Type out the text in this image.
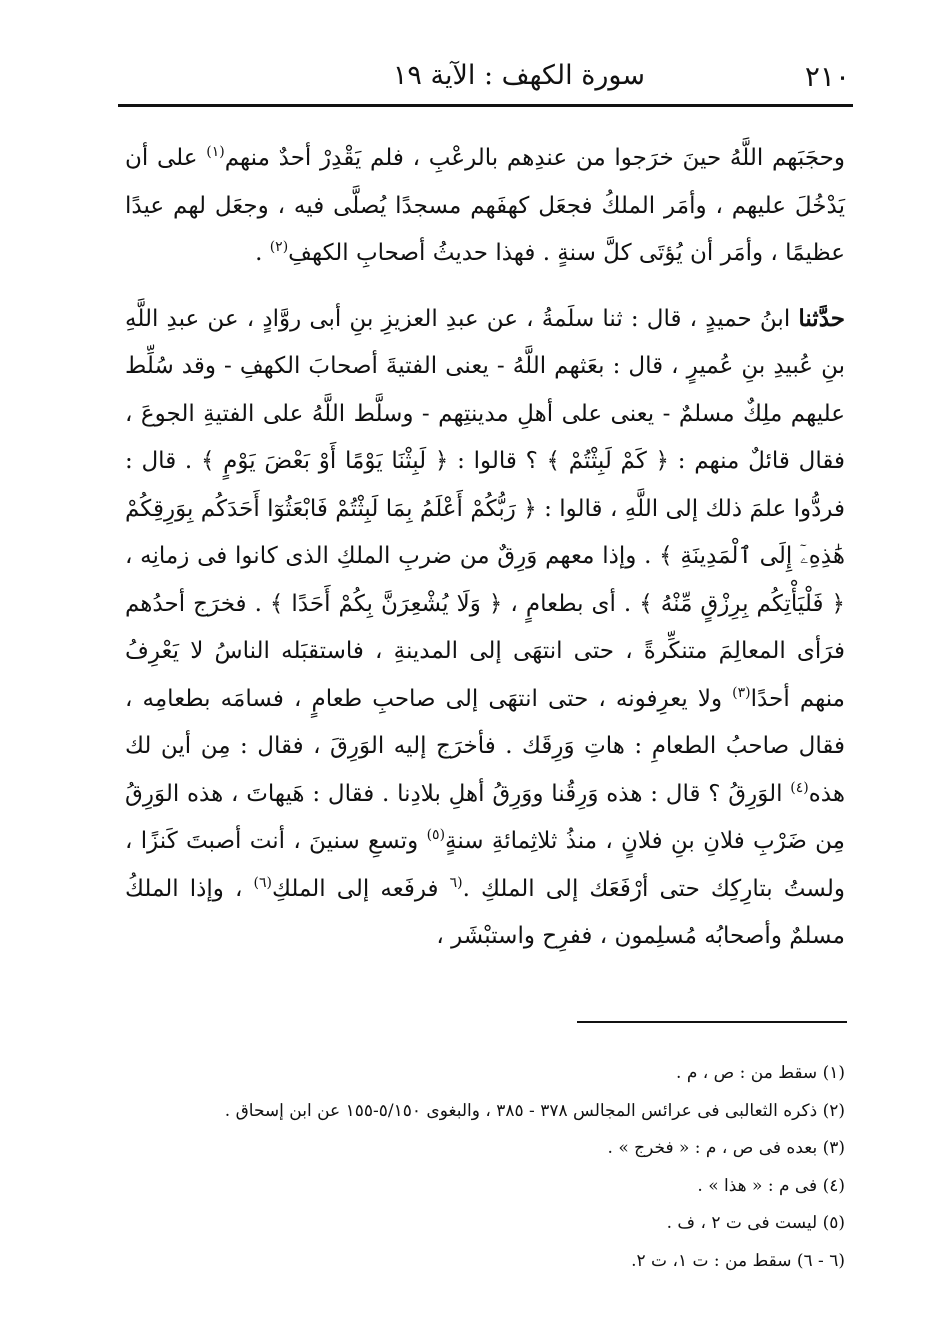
٢١٠
سورة الكهف : الآية ١٩

وحجَبَهم اللَّهُ حينَ خرَجوا من عندِهم بالرعْبِ ، فلم يَقْدِرْ أحدٌ منهم$^{(١)}$ على أن يَدْخُلَ عليهم ، وأمَر الملكُ فجعَل كهفَهم مسجدًا يُصلَّى فيه ، وجعَل لهم عيدًا عظيمًا ، وأمَر أن يُؤتَى كلَّ سنةٍ . فهذا حديثُ أصحابِ الكهفِ$^{(٢)}$ .

حدَّثنا ابنُ حميدٍ ، قال : ثنا سلَمةُ ، عن عبدِ العزيزِ بنِ أبى روَّادٍ ، عن عبدِ اللَّهِ بنِ عُبيدِ بنِ عُميرٍ ، قال : بعَثهم اللَّهُ - يعنى الفتيةَ أصحابَ الكهفِ - وقد سُلِّط عليهم ملِكٌ مسلمٌ - يعنى على أهلِ مدينتِهم - وسلَّط اللَّهُ على الفتيةِ الجوعَ ، فقال قائلٌ منهم : ﴿ كَمْ لَبِثْتُمْ ﴾ ؟ قالوا : ﴿ لَبِثْنَا يَوْمًا أَوْ بَعْضَ يَوْمٍ ﴾ . قال : فردُّوا علمَ ذلك إلى اللَّهِ ، قالوا : ﴿ رَبُّكُمْ أَعْلَمُ بِمَا لَبِثْتُمْ فَابْعَثُوٓا أَحَدَكُم بِوَرِقِكُمْ هَٰذِهِۦٓ إِلَى ٱلْمَدِينَةِ ﴾ . وإذا معهم وَرِقٌ من ضربِ الملكِ الذى كانوا فى زمانِه ، ﴿ فَلْيَأْتِكُم بِرِزْقٍ مِّنْهُ ﴾ . أى بطعامٍ ، ﴿ وَلَا يُشْعِرَنَّ بِكُمْ أَحَدًا ﴾ . فخرَج أحدُهم فرَأى المعالِمَ متنكِّرةً ، حتى انتهَى إلى المدينةِ ، فاستقبَله الناسُ لا يَعْرِفُ منهم أحدًا$^{(٣)}$ ولا يعرِفونه ، حتى انتهَى إلى صاحبِ طعامٍ ، فسامَه بطعامِه ، فقال صاحبُ الطعامِ : هاتِ وَرِقَك . فأخرَج إليه الوَرِقَ ، فقال : مِن أين لك هذه$^{(٤)}$ الوَرِقُ ؟ قال : هذه وَرِقُنا ووَرِقُ أهلِ بلادِنا . فقال : هَيهاتَ ، هذه الوَرِقُ مِن ضَرْبِ فلانِ بنِ فلانٍ ، منذُ ثلاثِمائةِ سنةٍ$^{(٥)}$ وتسعِ سنينَ ، أنت أصبتَ كَنزًا ، ولستُ بتارِكِك حتى أرْفَعَك إلى الملكِ .$^{(٦}$ فرفَعه إلى الملكِ$^{(٦)}$ ، وإذا الملكُ مسلمٌ وأصحابُه مُسلِمون ، ففرِح واستبْشَر ،

(١) سقط من : ص ، م .
(٢) ذكره الثعالبى فى عرائس المجالس ٣٧٨ - ٣٨٥ ، والبغوى ٥/١٥٠-١٥٥ عن ابن إسحاق .
(٣) بعده فى ص ، م : « فخرج » .
(٤) فى م : « هذا » .
(٥) ليست فى ت ٢ ، ف .
(٦ - ٦) سقط من : ت ١، ت ٢.
